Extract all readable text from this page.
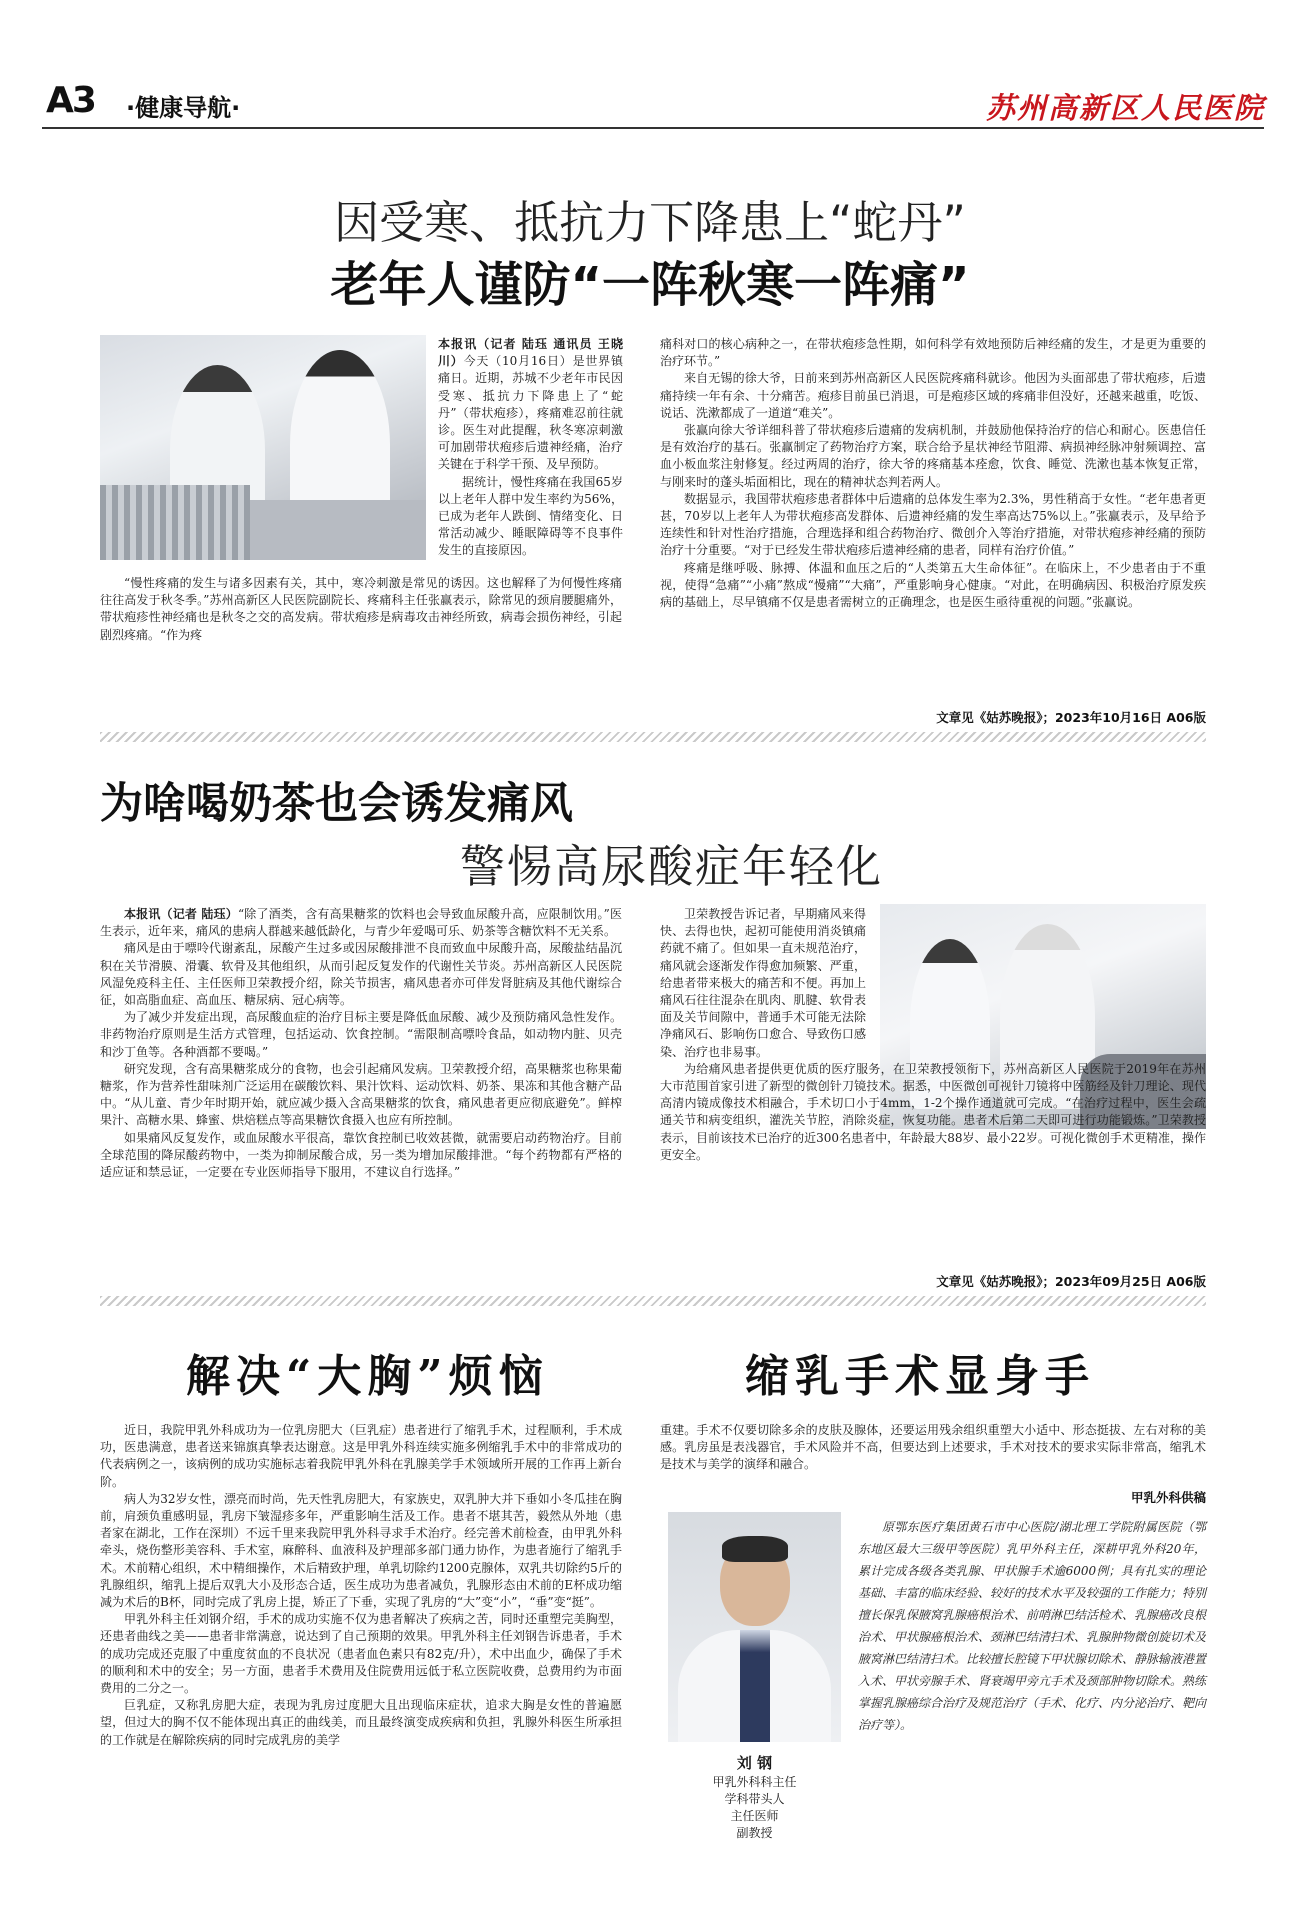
A3 ·健康导航·	苏州高新区人民医院
因受寒、抵抗力下降患上“蛇丹”
老年人谨防“一阵秋寒一阵痛”

本报讯（记者 陆珏 通讯员 王晓川）今天（10月16日）是世界镇痛日。近期，苏城不少老年市民因受寒、抵抗力下降患上了“蛇丹”（带状疱疹），疼痛难忍前往就诊。医生对此提醒，秋冬寒凉刺激可加剧带状疱疹后遗神经痛，治疗关键在于科学干预、及早预防。

据统计，慢性疼痛在我国65岁以上老年人群中发生率约为56%，已成为老年人跌倒、情绪变化、日常活动减少、睡眠障碍等不良事件发生的直接原因。

“慢性疼痛的发生与诸多因素有关，其中，寒冷刺激是常见的诱因。这也解释了为何慢性疼痛往往高发于秋冬季。”苏州高新区人民医院副院长、疼痛科主任张赢表示，除常见的颈肩腰腿痛外，带状疱疹性神经痛也是秋冬之交的高发病。带状疱疹是病毒攻击神经所致，病毒会损伤神经，引起剧烈疼痛。“作为疼

痛科对口的核心病种之一，在带状疱疹急性期，如何科学有效地预防后神经痛的发生，才是更为重要的治疗环节。”

来自无锡的徐大爷，日前来到苏州高新区人民医院疼痛科就诊。他因为头面部患了带状疱疹，后遗痛持续一年有余、十分痛苦。疱疹目前虽已消退，可是疱疹区域的疼痛非但没好，还越来越重，吃饭、说话、洗漱都成了一道道“难关”。

张赢向徐大爷详细科普了带状疱疹后遗痛的发病机制，并鼓励他保持治疗的信心和耐心。医患信任是有效治疗的基石。张赢制定了药物治疗方案，联合给予星状神经节阻滞、病损神经脉冲射频调控、富血小板血浆注射修复。经过两周的治疗，徐大爷的疼痛基本痊愈，饮食、睡觉、洗漱也基本恢复正常，与刚来时的蓬头垢面相比，现在的精神状态判若两人。

数据显示，我国带状疱疹患者群体中后遗痛的总体发生率为2.3%，男性稍高于女性。“老年患者更甚，70岁以上老年人为带状疱疹高发群体、后遗神经痛的发生率高达75%以上。”张赢表示，及早给予连续性和针对性治疗措施，合理选择和组合药物治疗、微创介入等治疗措施，对带状疱疹神经痛的预防治疗十分重要。“对于已经发生带状疱疹后遗神经痛的患者，同样有治疗价值。”

疼痛是继呼吸、脉搏、体温和血压之后的“人类第五大生命体征”。在临床上，不少患者由于不重视，使得“急痛”“小痛”熬成“慢痛”“大痛”，严重影响身心健康。“对此，在明确病因、积极治疗原发疾病的基础上，尽早镇痛不仅是患者需树立的正确理念，也是医生亟待重视的问题。”张赢说。

文章见《姑苏晚报》；2023年10月16日 A06版
为啥喝奶茶也会诱发痛风
警惕高尿酸症年轻化

本报讯（记者 陆珏）“除了酒类，含有高果糖浆的饮料也会导致血尿酸升高，应限制饮用。”医生表示，近年来，痛风的患病人群越来越低龄化，与青少年爱喝可乐、奶茶等含糖饮料不无关系。

痛风是由于嘌呤代谢紊乱，尿酸产生过多或因尿酸排泄不良而致血中尿酸升高，尿酸盐结晶沉积在关节滑膜、滑囊、软骨及其他组织，从而引起反复发作的代谢性关节炎。苏州高新区人民医院风湿免疫科主任、主任医师卫荣教授介绍，除关节损害，痛风患者亦可伴发肾脏病及其他代谢综合征，如高脂血症、高血压、糖尿病、冠心病等。

为了减少并发症出现，高尿酸血症的治疗目标主要是降低血尿酸、减少及预防痛风急性发作。非药物治疗原则是生活方式管理，包括运动、饮食控制。“需限制高嘌呤食品，如动物内脏、贝壳和沙丁鱼等。各种酒都不要喝。”

研究发现，含有高果糖浆成分的食物，也会引起痛风发病。卫荣教授介绍，高果糖浆也称果葡糖浆，作为营养性甜味剂广泛运用在碳酸饮料、果汁饮料、运动饮料、奶茶、果冻和其他含糖产品中。“从儿童、青少年时期开始，就应减少摄入含高果糖浆的饮食，痛风患者更应彻底避免”。鲜榨果汁、高糖水果、蜂蜜、烘焙糕点等高果糖饮食摄入也应有所控制。

如果痛风反复发作，或血尿酸水平很高，靠饮食控制已收效甚微，就需要启动药物治疗。目前全球范围的降尿酸药物中，一类为抑制尿酸合成，另一类为增加尿酸排泄。“每个药物都有严格的适应证和禁忌证，一定要在专业医师指导下服用，不建议自行选择。”

卫荣教授告诉记者，早期痛风来得快、去得也快，起初可能使用消炎镇痛药就不痛了。但如果一直未规范治疗，痛风就会逐渐发作得愈加频繁、严重，给患者带来极大的痛苦和不便。再加上痛风石往往混杂在肌肉、肌腱、软骨表面及关节间隙中，普通手术可能无法除净痛风石、影响伤口愈合、导致伤口感染、治疗也非易事。

为给痛风患者提供更优质的医疗服务，在卫荣教授领衔下，苏州高新区人民医院于2019年在苏州大市范围首家引进了新型的微创针刀镜技术。据悉，中医微创可视针刀镜将中医筋经及针刀理论、现代高清内镜成像技术相融合，手术切口小于4mm，1-2个操作通道就可完成。“在治疗过程中，医生会疏通关节和病变组织，灌洗关节腔，消除炎症，恢复功能。患者术后第二天即可进行功能锻炼。”卫荣教授表示，目前该技术已治疗的近300名患者中，年龄最大88岁、最小22岁。可视化微创手术更精准，操作更安全。

文章见《姑苏晚报》；2023年09月25日 A06版
解决“大胸”烦恼	缩乳手术显身手

近日，我院甲乳外科成功为一位乳房肥大（巨乳症）患者进行了缩乳手术，过程顺利，手术成功，医患满意，患者送来锦旗真挚表达谢意。这是甲乳外科连续实施多例缩乳手术中的非常成功的代表病例之一，该病例的成功实施标志着我院甲乳外科在乳腺美学手术领域所开展的工作再上新台阶。

病人为32岁女性，漂亮而时尚，先天性乳房肥大，有家族史，双乳肿大并下垂如小冬瓜挂在胸前，肩颈负重感明显，乳房下皱湿疹多年，严重影响生活及工作。患者不堪其苦，毅然从外地（患者家在湖北，工作在深圳）不远千里来我院甲乳外科寻求手术治疗。经完善术前检查，由甲乳外科牵头，烧伤整形美容科、手术室，麻醉科、血液科及护理部多部门通力协作，为患者施行了缩乳手术。术前精心组织，术中精细操作，术后精致护理，单乳切除约1200克腺体，双乳共切除约5斤的乳腺组织，缩乳上提后双乳大小及形态合适，医生成功为患者减负，乳腺形态由术前的E杯成功缩减为术后的B杯，同时完成了乳房上提，矫正了下垂，实现了乳房的“大”变“小”，“垂”变“挺”。

甲乳外科主任刘钢介绍，手术的成功实施不仅为患者解决了疾病之苦，同时还重塑完美胸型，还患者曲线之美——患者非常满意，说达到了自己预期的效果。甲乳外科主任刘钢告诉患者，手术的成功完成还克服了中重度贫血的不良状况（患者血色素只有82克/升），术中出血少，确保了手术的顺利和术中的安全；另一方面，患者手术费用及住院费用远低于私立医院收费，总费用约为市面费用的二分之一。

巨乳症，又称乳房肥大症，表现为乳房过度肥大且出现临床症状，追求大胸是女性的普遍愿望，但过大的胸不仅不能体现出真正的曲线美，而且最终演变成疾病和负担，乳腺外科医生所承担的工作就是在解除疾病的同时完成乳房的美学

重建。手术不仅要切除多余的皮肤及腺体，还要运用残余组织重塑大小适中、形态挺拔、左右对称的美感。乳房虽是表浅器官，手术风险并不高，但要达到上述要求，手术对技术的要求实际非常高，缩乳术是技术与美学的演绎和融合。

甲乳外科供稿
刘 钢
甲乳外科科主任
学科带头人
主任医师
副教授

原鄂东医疗集团黄石市中心医院/湖北理工学院附属医院（鄂东地区最大三级甲等医院）乳甲外科主任，深耕甲乳外科20年，累计完成各级各类乳腺、甲状腺手术逾6000例；具有扎实的理论基础、丰富的临床经验、较好的技术水平及较强的工作能力；特别擅长保乳保腋窝乳腺癌根治术、前哨淋巴结活检术、乳腺癌改良根治术、甲状腺癌根治术、颈淋巴结清扫术、乳腺肿物微创旋切术及腋窝淋巴结清扫术。比较擅长腔镜下甲状腺切除术、静脉输液港置入术、甲状旁腺手术、肾衰竭甲旁亢手术及颈部肿物切除术。熟练掌握乳腺癌综合治疗及规范治疗（手术、化疗、内分泌治疗、靶向治疗等）。
